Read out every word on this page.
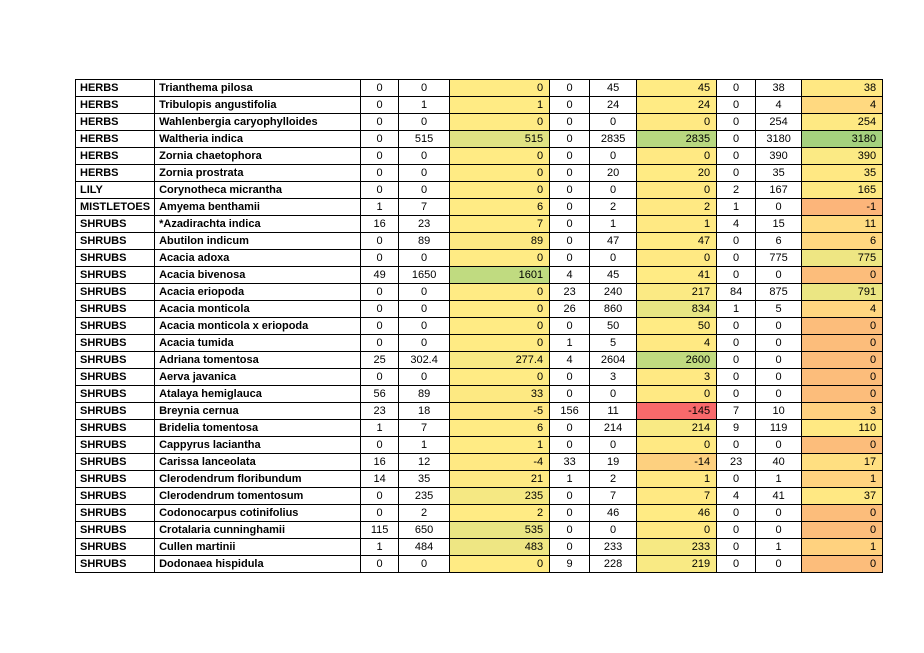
HERBS	Trianthema pilosa	0	0	0	0	45	45	0	38	38
HERBS	Tribulopis angustifolia	0	1	1	0	24	24	0	4	4
HERBS	Wahlenbergia caryophylloides	0	0	0	0	0	0	0	254	254
HERBS	Waltheria indica	0	515	515	0	2835	2835	0	3180	3180
HERBS	Zornia chaetophora	0	0	0	0	0	0	0	390	390
HERBS	Zornia prostrata	0	0	0	0	20	20	0	35	35
LILY	Corynotheca micrantha	0	0	0	0	0	0	2	167	165
MISTLETOES	Amyema benthamii	1	7	6	0	2	2	1	0	-1
SHRUBS	*Azadirachta indica	16	23	7	0	1	1	4	15	11
SHRUBS	Abutilon indicum	0	89	89	0	47	47	0	6	6
SHRUBS	Acacia adoxa	0	0	0	0	0	0	0	775	775
SHRUBS	Acacia bivenosa	49	1650	1601	4	45	41	0	0	0
SHRUBS	Acacia eriopoda	0	0	0	23	240	217	84	875	791
SHRUBS	Acacia monticola	0	0	0	26	860	834	1	5	4
SHRUBS	Acacia monticola x eriopoda	0	0	0	0	50	50	0	0	0
SHRUBS	Acacia tumida	0	0	0	1	5	4	0	0	0
SHRUBS	Adriana tomentosa	25	302.4	277.4	4	2604	2600	0	0	0
SHRUBS	Aerva javanica	0	0	0	0	3	3	0	0	0
SHRUBS	Atalaya hemiglauca	56	89	33	0	0	0	0	0	0
SHRUBS	Breynia cernua	23	18	-5	156	11	-145	7	10	3
SHRUBS	Bridelia tomentosa	1	7	6	0	214	214	9	119	110
SHRUBS	Cappyrus laciantha	0	1	1	0	0	0	0	0	0
SHRUBS	Carissa lanceolata	16	12	-4	33	19	-14	23	40	17
SHRUBS	Clerodendrum floribundum	14	35	21	1	2	1	0	1	1
SHRUBS	Clerodendrum tomentosum	0	235	235	0	7	7	4	41	37
SHRUBS	Codonocarpus cotinifolius	0	2	2	0	46	46	0	0	0
SHRUBS	Crotalaria cunninghamii	115	650	535	0	0	0	0	0	0
SHRUBS	Cullen martinii	1	484	483	0	233	233	0	1	1
SHRUBS	Dodonaea hispidula	0	0	0	9	228	219	0	0	0
